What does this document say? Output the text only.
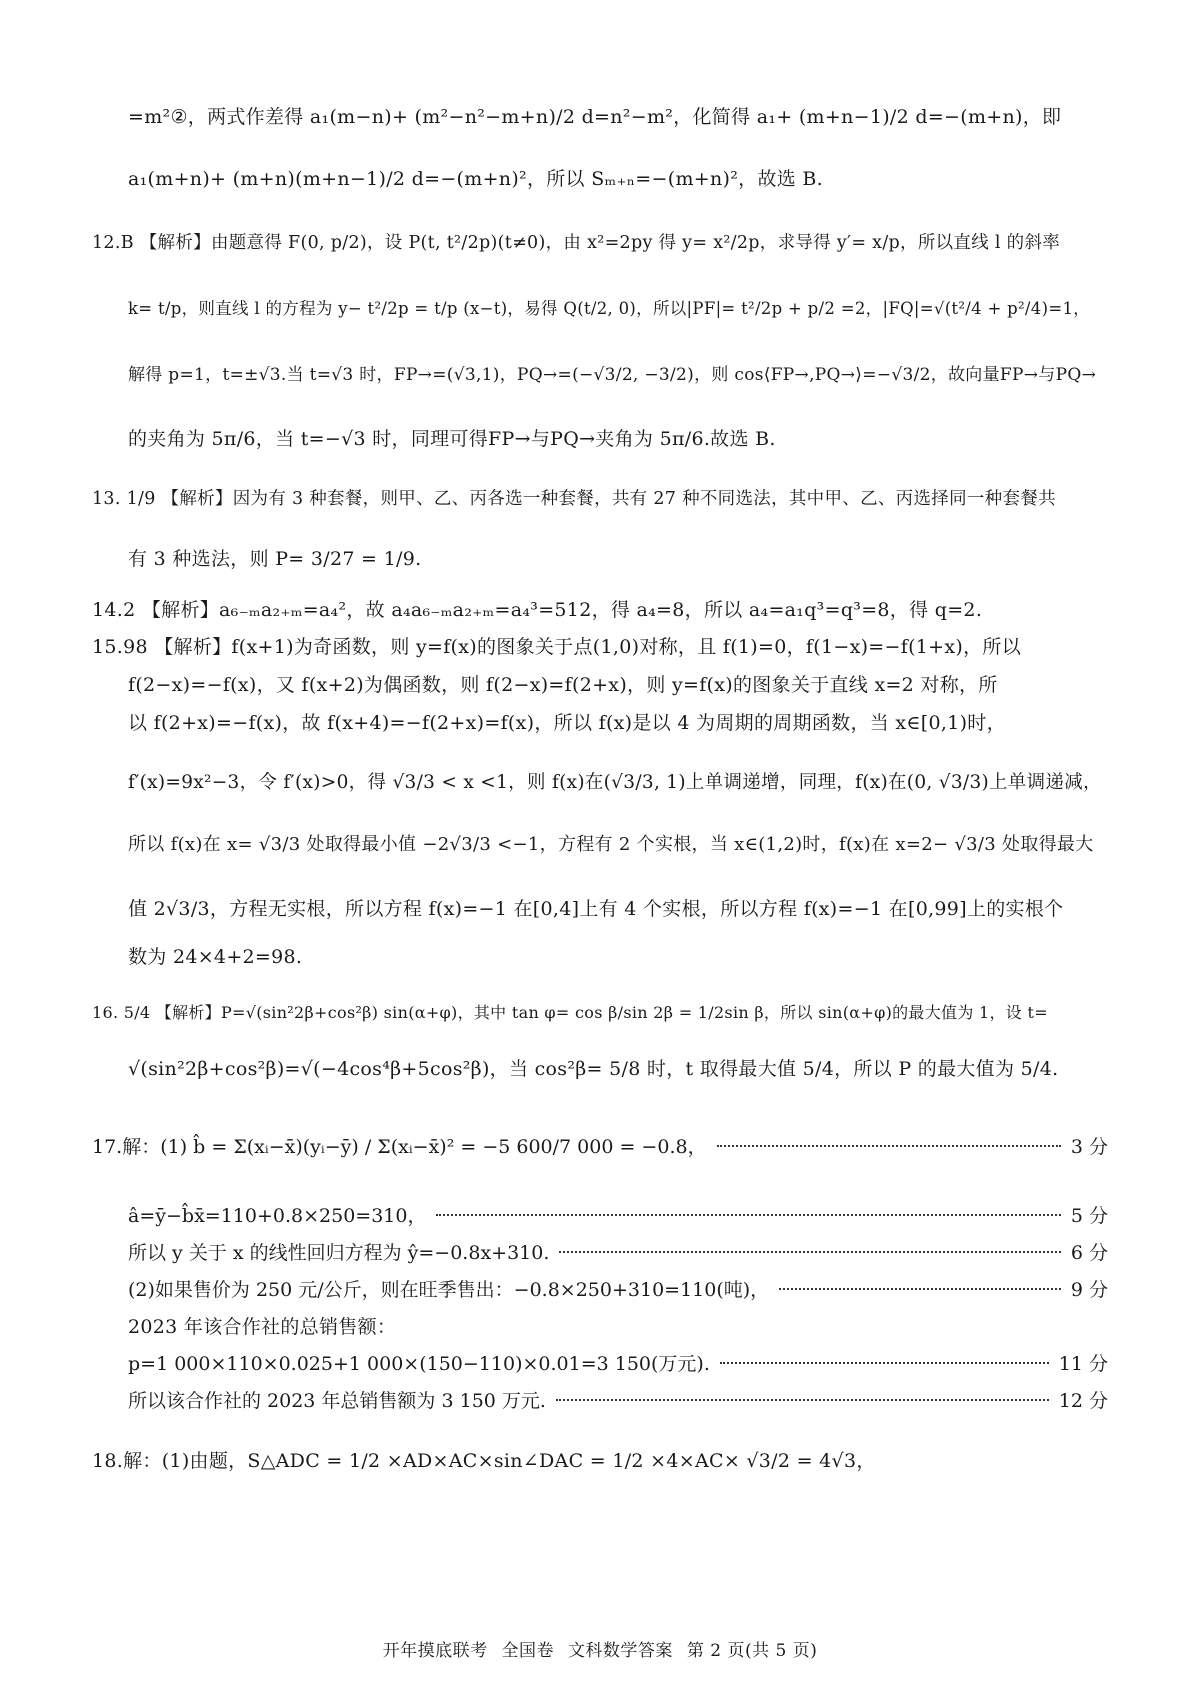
=m²②，两式作差得 a₁(m−n)+ (m²−n²−m+n)/2 d=n²−m²，化简得 a₁+ (m+n−1)/2 d=−(m+n)，即
a₁(m+n)+ (m+n)(m+n−1)/2 d=−(m+n)²，所以 Sₘ₊ₙ=−(m+n)²，故选 B.
12.B 【解析】由题意得 F(0, p/2)，设 P(t, t²/2p)(t≠0)，由 x²=2py 得 y= x²/2p，求导得 y′= x/p，所以直线 l 的斜率
k= t/p，则直线 l 的方程为 y− t²/2p = t/p (x−t)，易得 Q(t/2, 0)，所以|PF|= t²/2p + p/2 =2，|FQ|=√(t²/4 + p²/4)=1，
解得 p=1，t=±√3.当 t=√3 时，FP→=(√3,1)，PQ→=(−√3/2, −3/2)，则 cos⟨FP→,PQ→⟩=−√3/2，故向量FP→与PQ→
的夹角为 5π/6，当 t=−√3 时，同理可得FP→与PQ→夹角为 5π/6.故选 B.
13. 1/9 【解析】因为有 3 种套餐，则甲、乙、丙各选一种套餐，共有 27 种不同选法，其中甲、乙、丙选择同一种套餐共
有 3 种选法，则 P= 3/27 = 1/9.
14.2 【解析】a₆₋ₘa₂₊ₘ=a₄²，故 a₄a₆₋ₘa₂₊ₘ=a₄³=512，得 a₄=8，所以 a₄=a₁q³=q³=8，得 q=2.
15.98 【解析】f(x+1)为奇函数，则 y=f(x)的图象关于点(1,0)对称，且 f(1)=0，f(1−x)=−f(1+x)，所以
f(2−x)=−f(x)，又 f(x+2)为偶函数，则 f(2−x)=f(2+x)，则 y=f(x)的图象关于直线 x=2 对称，所
以 f(2+x)=−f(x)，故 f(x+4)=−f(2+x)=f(x)，所以 f(x)是以 4 为周期的周期函数，当 x∈[0,1)时，
f′(x)=9x²−3，令 f′(x)>0，得 √3/3 < x <1，则 f(x)在(√3/3, 1)上单调递增，同理，f(x)在(0, √3/3)上单调递减，
所以 f(x)在 x= √3/3 处取得最小值 −2√3/3 <−1，方程有 2 个实根，当 x∈(1,2)时，f(x)在 x=2− √3/3 处取得最大
值 2√3/3，方程无实根，所以方程 f(x)=−1 在[0,4]上有 4 个实根，所以方程 f(x)=−1 在[0,99]上的实根个
数为 24×4+2=98.
16. 5/4 【解析】P=√(sin²2β+cos²β) sin(α+φ)，其中 tan φ= cos β/sin 2β = 1/2sin β，所以 sin(α+φ)的最大值为 1，设 t=
√(sin²2β+cos²β)=√(−4cos⁴β+5cos²β)，当 cos²β= 5/8 时，t 取得最大值 5/4，所以 P 的最大值为 5/4.
17.解：(1) b̂ = Σ(xᵢ−x̄)(yᵢ−ȳ) / Σ(xᵢ−x̄)² = −5 600/7 000 = −0.8，	3 分
â=ȳ−b̂x̄=110+0.8×250=310，	5 分
所以 y 关于 x 的线性回归方程为 ŷ=−0.8x+310.	6 分
(2)如果售价为 250 元/公斤，则在旺季售出：−0.8×250+310=110(吨)，	9 分
2023 年该合作社的总销售额：
p=1 000×110×0.025+1 000×(150−110)×0.01=3 150(万元).	11 分
所以该合作社的 2023 年总销售额为 3 150 万元.	12 分
18.解：(1)由题，S△ADC = 1/2 ×AD×AC×sin∠DAC = 1/2 ×4×AC× √3/2 = 4√3，
开年摸底联考 全国卷 文科数学答案 第 2 页(共 5 页)
